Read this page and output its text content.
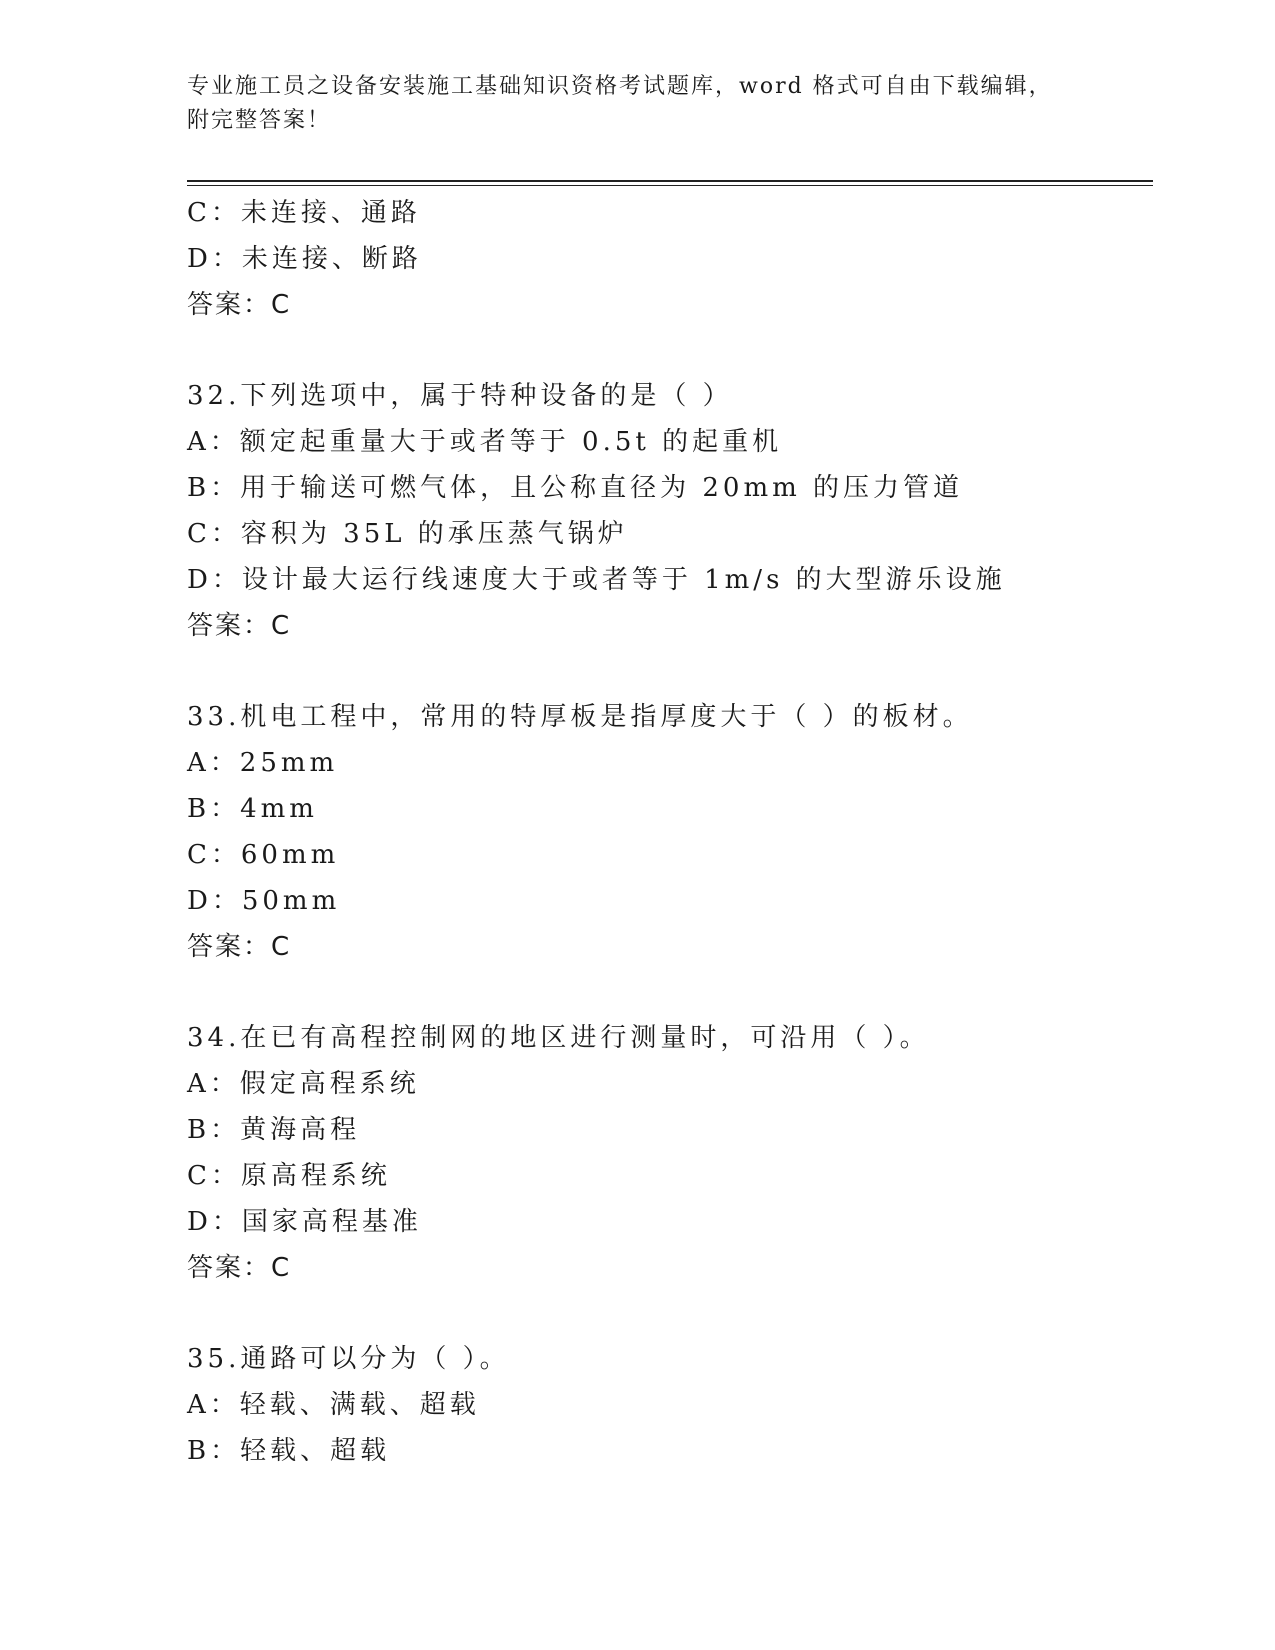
专业施工员之设备安装施工基础知识资格考试题库，word 格式可自由下载编辑，
附完整答案！
C：未连接、通路
D：未连接、断路
答案：C
32.下列选项中，属于特种设备的是（ ）
A：额定起重量大于或者等于 0.5t 的起重机
B：用于输送可燃气体，且公称直径为 20mm 的压力管道
C：容积为 35L 的承压蒸气锅炉
D：设计最大运行线速度大于或者等于 1m/s 的大型游乐设施
答案：C
33.机电工程中，常用的特厚板是指厚度大于（ ）的板材。
A：25mm
B：4mm
C：60mm
D：50mm
答案：C
34.在已有高程控制网的地区进行测量时，可沿用（ ）。
A：假定高程系统
B：黄海高程
C：原高程系统
D：国家高程基准
答案：C
35.通路可以分为（ ）。
A：轻载、满载、超载
B：轻载、超载
